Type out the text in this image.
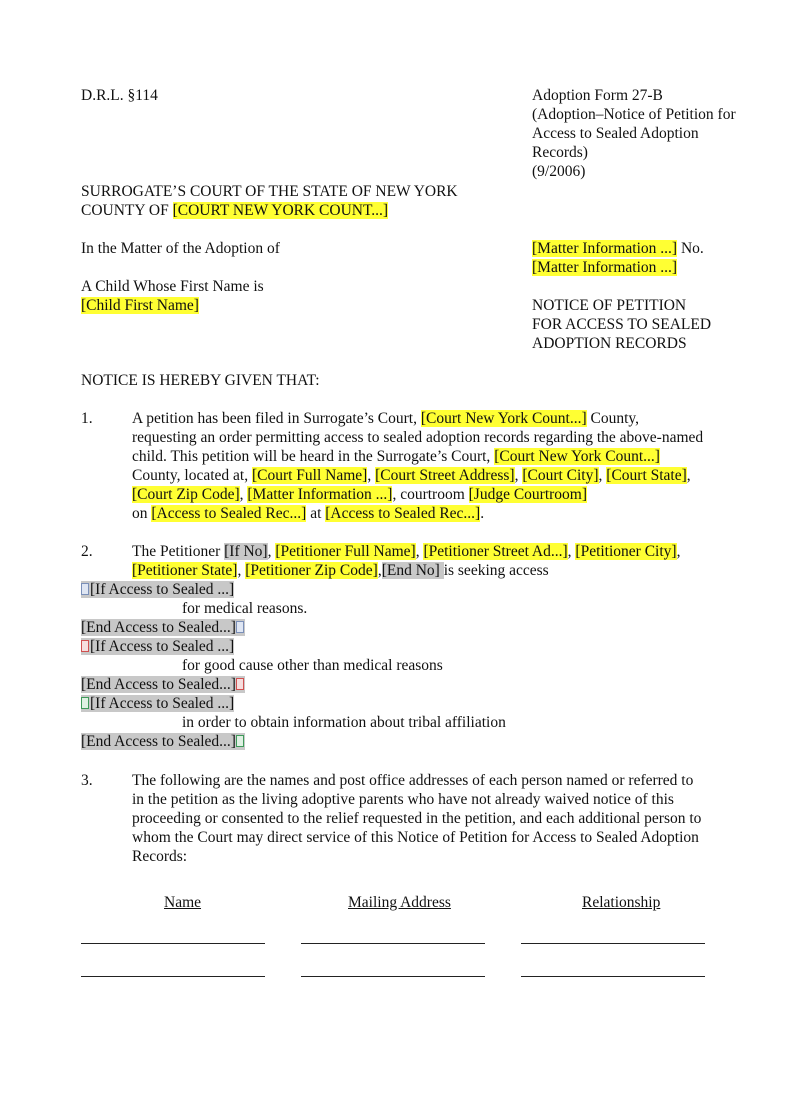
D.R.L. §114	Adoption Form 27-B
(Adoption–Notice of Petition for
Access to Sealed Adoption
Records)
(9/2006)
SURROGATE’S COURT OF THE STATE OF NEW YORK
COUNTY OF [COURT NEW YORK COUNT...]
In the Matter of the Adoption of	[Matter Information ...] No.
[Matter Information ...]
A Child Whose First Name is
[Child First Name]	NOTICE OF PETITION
FOR ACCESS TO SEALED
ADOPTION RECORDS
NOTICE IS HEREBY GIVEN THAT:
1.	A petition has been filed in Surrogate’s Court, [Court New York Count...] County,
requesting an order permitting access to sealed adoption records regarding the above-named
child. This petition will be heard in the Surrogate’s Court, [Court New York Count...]
County, located at, [Court Full Name], [Court Street Address], [Court City], [Court State],
[Court Zip Code], [Matter Information ...], courtroom [Judge Courtroom]
on [Access to Sealed Rec...] at [Access to Sealed Rec...].
2.	The Petitioner [If No], [Petitioner Full Name], [Petitioner Street Ad...], [Petitioner City],
[Petitioner State], [Petitioner Zip Code],[End No] is seeking access
[If Access to Sealed ...]
for medical reasons.
[End Access to Sealed...]
[If Access to Sealed ...]
for good cause other than medical reasons
[End Access to Sealed...]
[If Access to Sealed ...]
in order to obtain information about tribal affiliation
[End Access to Sealed...]
3.	The following are the names and post office addresses of each person named or referred to
in the petition as the living adoptive parents who have not already waived notice of this
proceeding or consented to the relief requested in the petition, and each additional person to
whom the Court may direct service of this Notice of Petition for Access to Sealed Adoption
Records:
Name	Mailing Address	Relationship
